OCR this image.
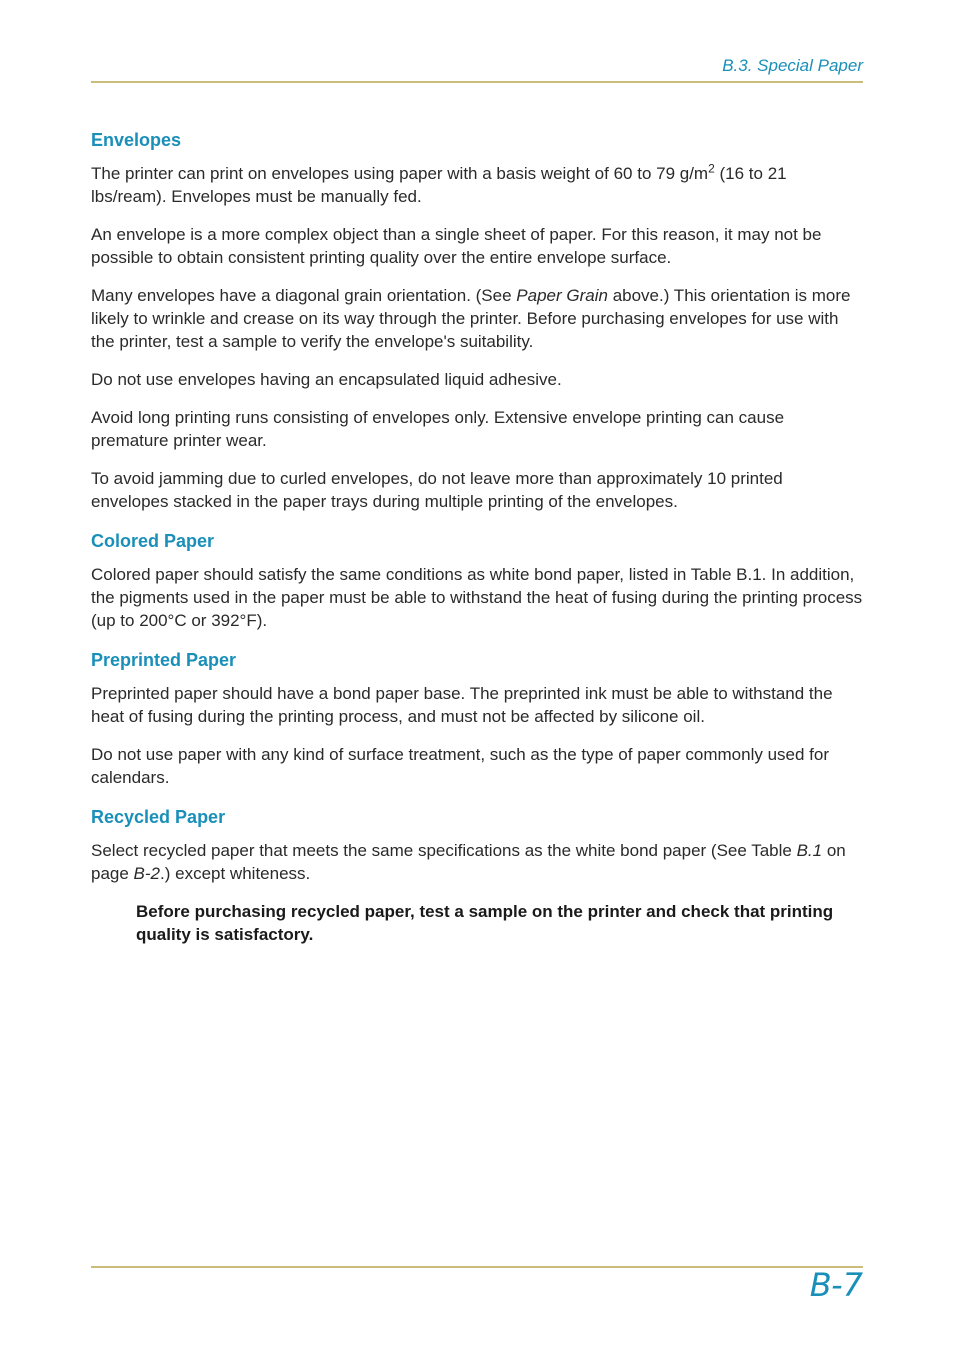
B.3. Special Paper
Envelopes

The printer can print on envelopes using paper with a basis weight of 60 to 79 $g/m^2$ (16 to 21 lbs/ream). Envelopes must be manually fed.

An envelope is a more complex object than a single sheet of paper. For this reason, it may not be possible to obtain consistent printing quality over the entire envelope surface.

Many envelopes have a diagonal grain orientation. (See Paper Grain above.) This orientation is more likely to wrinkle and crease on its way through the printer. Before purchasing envelopes for use with the printer, test a sample to verify the envelope's suitability.

Do not use envelopes having an encapsulated liquid adhesive.

Avoid long printing runs consisting of envelopes only. Extensive envelope printing can cause premature printer wear.

To avoid jamming due to curled envelopes, do not leave more than approximately 10 printed envelopes stacked in the paper trays during multiple printing of the envelopes.

Colored Paper

Colored paper should satisfy the same conditions as white bond paper, listed in Table B.1. In addition, the pigments used in the paper must be able to withstand the heat of fusing during the printing process (up to 200°C or 392°F).

Preprinted Paper

Preprinted paper should have a bond paper base. The preprinted ink must be able to withstand the heat of fusing during the printing process, and must not be affected by silicone oil.

Do not use paper with any kind of surface treatment, such as the type of paper commonly used for calendars.

Recycled Paper

Select recycled paper that meets the same specifications as the white bond paper (See Table B.1 on page B-2.) except whiteness.

Before purchasing recycled paper, test a sample on the printer and check that printing quality is satisfactory.

B-7
